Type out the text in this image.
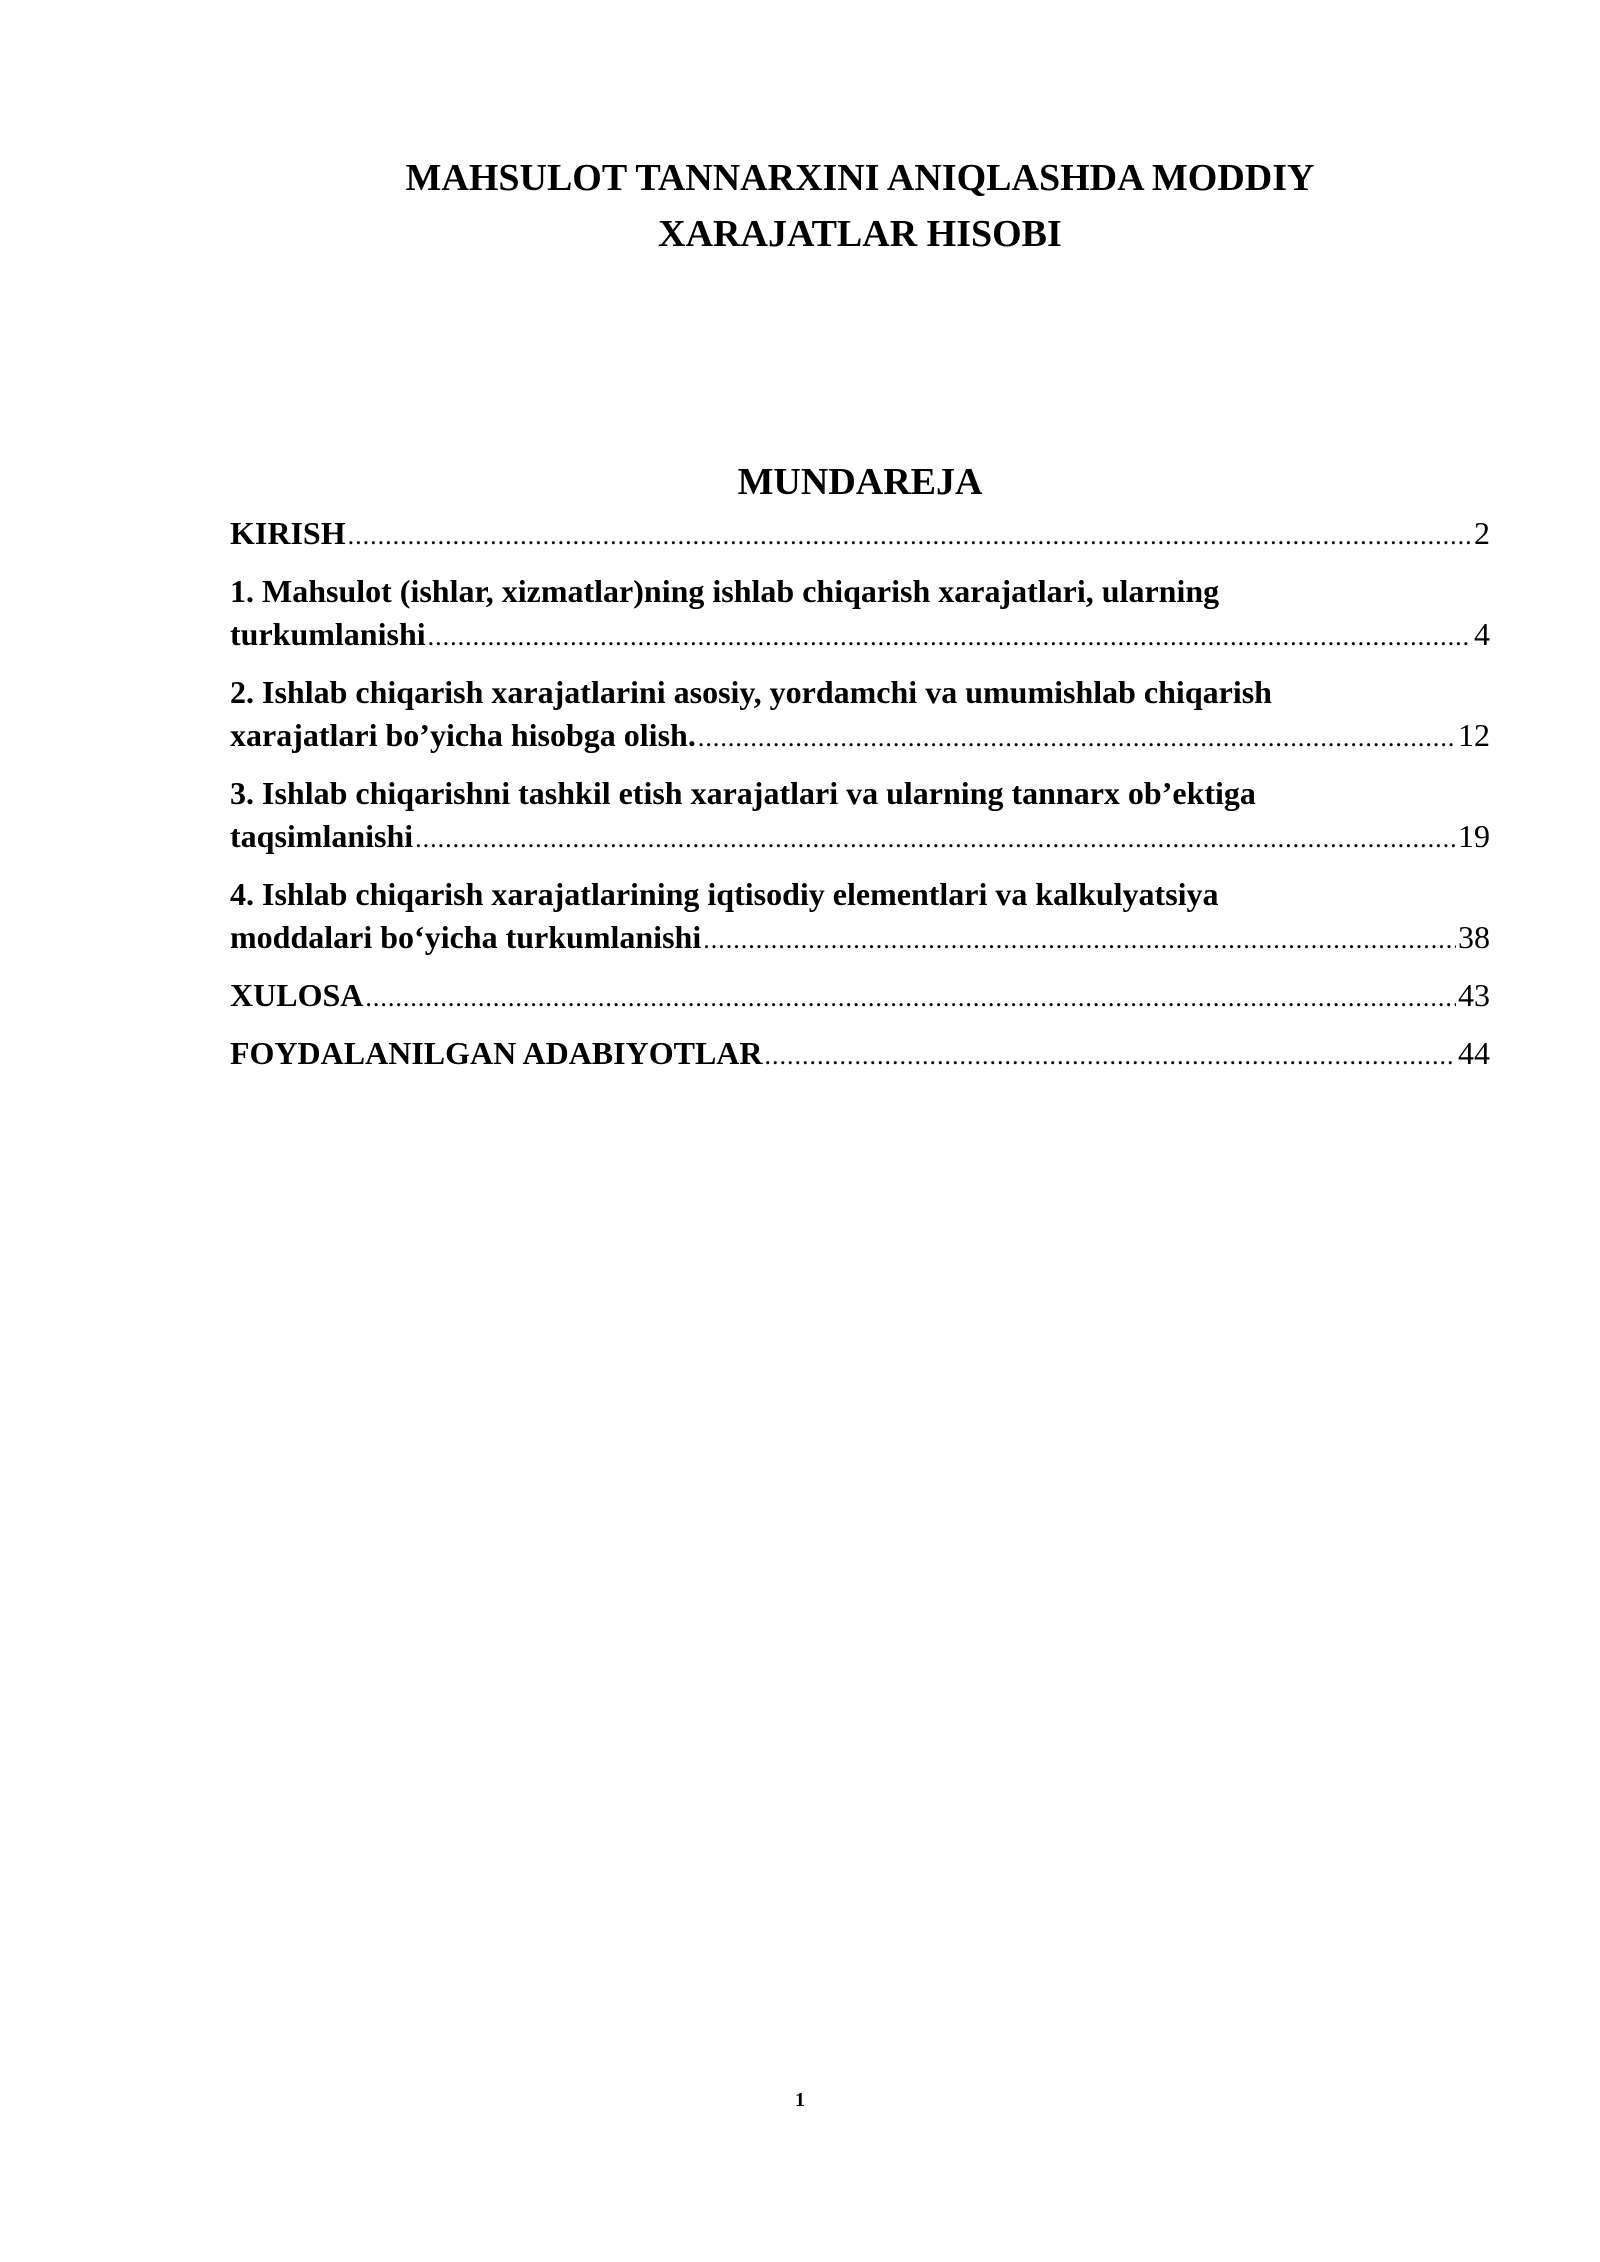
MAHSULOT TANNARXINI ANIQLASHDA MODDIY
XARAJATLAR HISOBI
MUNDAREJA
KIRISH .....	2
1. Mahsulot (ishlar, xizmatlar)ning ishlab chiqarish xarajatlari, ularning
turkumlanishi .....	4
2. Ishlab chiqarish xarajatlarini asosiy, yordamchi va umumishlab chiqarish
xarajatlari bo’yicha hisobga olish. .....	12
3. Ishlab chiqarishni tashkil etish xarajatlari va ularning tannarx ob’ektiga
taqsimlanishi .....	19
4. Ishlab chiqarish xarajatlarining iqtisodiy elementlari va kalkulyatsiya
moddalari bo‘yicha turkumlanishi .....	38
XULOSA .....	43
FOYDALANILGAN ADABIYOTLAR .....	44
1
